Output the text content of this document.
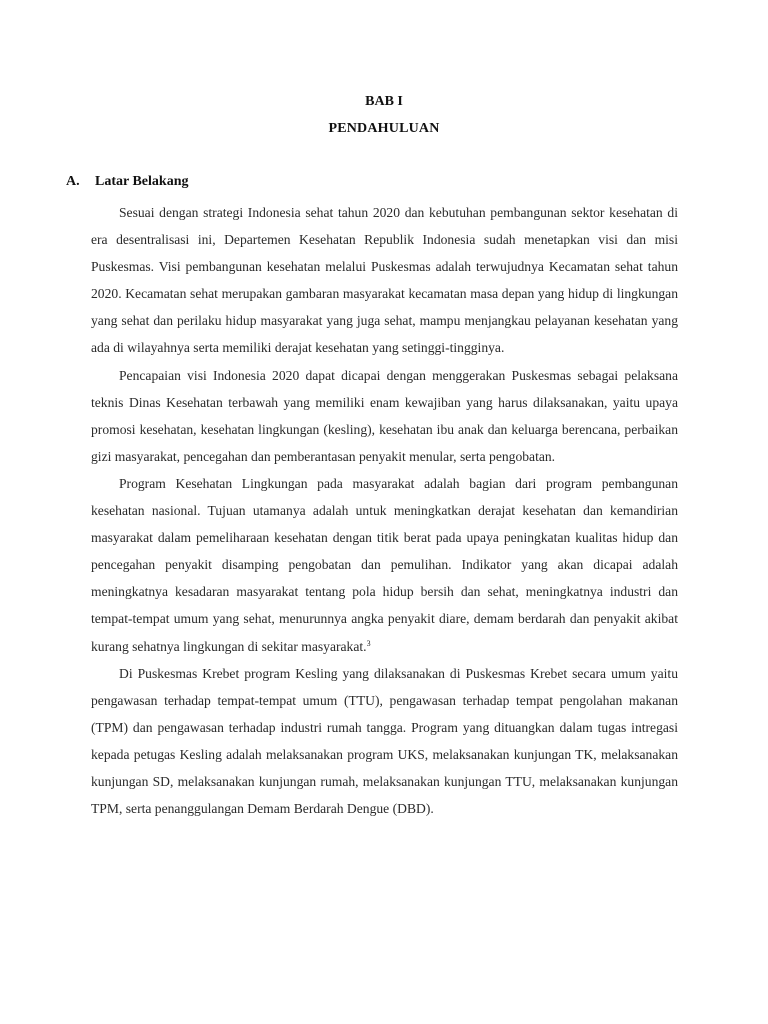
BAB I
PENDAHULUAN
A. Latar Belakang

Sesuai dengan strategi Indonesia sehat tahun 2020 dan kebutuhan pembangunan sektor kesehatan di era desentralisasi ini, Departemen Kesehatan Republik Indonesia sudah menetapkan visi dan misi Puskesmas. Visi pembangunan kesehatan melalui Puskesmas adalah terwujudnya Kecamatan sehat tahun 2020. Kecamatan sehat merupakan gambaran masyarakat kecamatan masa depan yang hidup di lingkungan yang sehat dan perilaku hidup masyarakat yang juga sehat, mampu menjangkau pelayanan kesehatan yang ada di wilayahnya serta memiliki derajat kesehatan yang setinggi-tingginya.

Pencapaian visi Indonesia 2020 dapat dicapai dengan menggerakan Puskesmas sebagai pelaksana teknis Dinas Kesehatan terbawah yang memiliki enam kewajiban yang harus dilaksanakan, yaitu upaya promosi kesehatan, kesehatan lingkungan (kesling), kesehatan ibu anak dan keluarga berencana, perbaikan gizi masyarakat, pencegahan dan pemberantasan penyakit menular, serta pengobatan.

Program Kesehatan Lingkungan pada masyarakat adalah bagian dari program pembangunan kesehatan nasional. Tujuan utamanya adalah untuk meningkatkan derajat kesehatan dan kemandirian masyarakat dalam pemeliharaan kesehatan dengan titik berat pada upaya peningkatan kualitas hidup dan pencegahan penyakit disamping pengobatan dan pemulihan. Indikator yang akan dicapai adalah meningkatnya kesadaran masyarakat tentang pola hidup bersih dan sehat, meningkatnya industri dan tempat-tempat umum yang sehat, menurunnya angka penyakit diare, demam berdarah dan penyakit akibat kurang sehatnya lingkungan di sekitar masyarakat.$^3$

Di Puskesmas Krebet program Kesling yang dilaksanakan di Puskesmas Krebet secara umum yaitu pengawasan terhadap tempat-tempat umum (TTU), pengawasan terhadap tempat pengolahan makanan (TPM) dan pengawasan terhadap industri rumah tangga. Program yang dituangkan dalam tugas intregasi kepada petugas Kesling adalah melaksanakan program UKS, melaksanakan kunjungan TK, melaksanakan kunjungan SD, melaksanakan kunjungan rumah, melaksanakan kunjungan TTU, melaksanakan kunjungan TPM, serta penanggulangan Demam Berdarah Dengue (DBD).
